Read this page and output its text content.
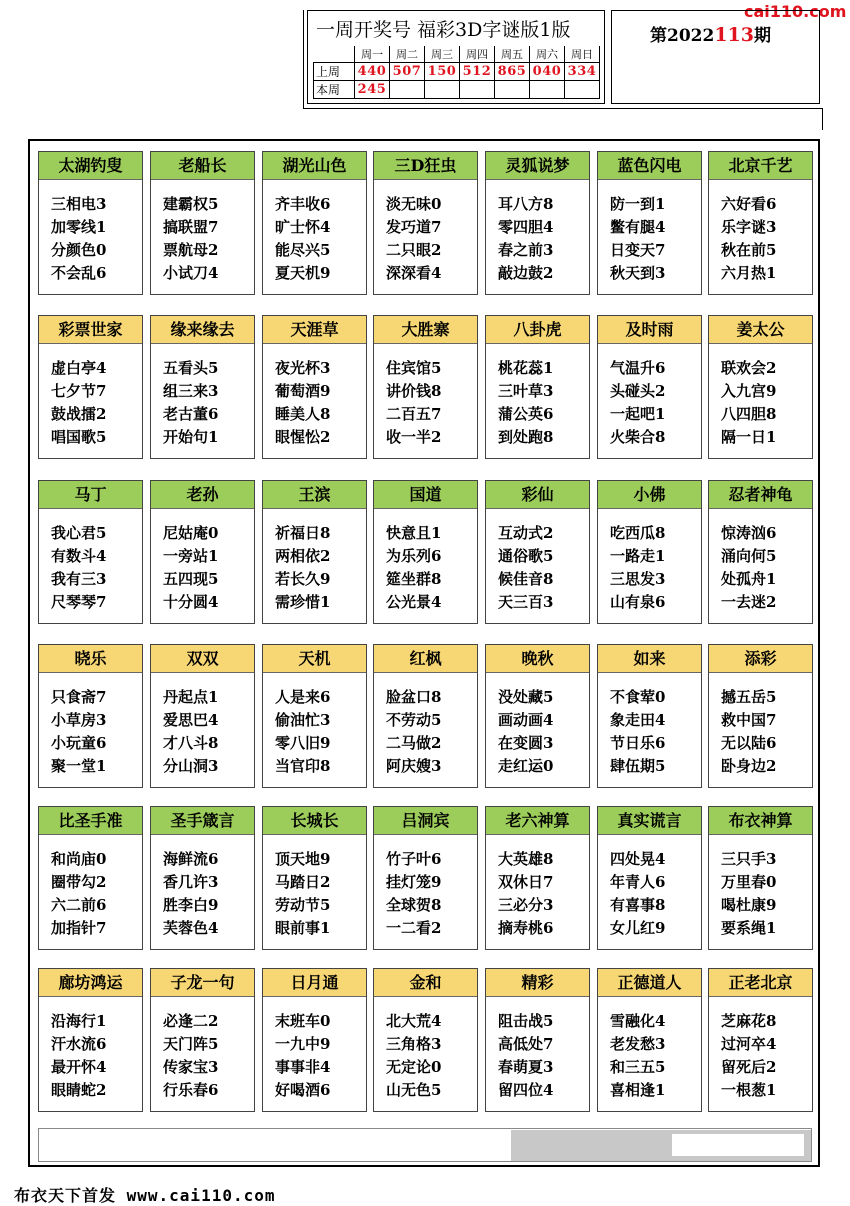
cai110.com
一周开奖号 福彩3D字谜版1版
	周一	周二	周三	周四	周五	周六	周日
上周	440	507	150	512	865	040	334
本周	245						
第2022113期
太湖钓叟
三相电3
加零线1
分颜色0
不会乱6
老船长
建霸权5
搞联盟7
票航母2
小试刀4
湖光山色
齐丰收6
旷士怀4
能尽兴5
夏天机9
三D狂虫
淡无味0
发巧道7
二只眼2
深深看4
灵狐说梦
耳八方8
零四胆4
春之前3
敲边鼓2
蓝色闪电
防一到1
鳖有腿4
日变天7
秋天到3
北京千艺
六好看6
乐字谜3
秋在前5
六月热1
彩票世家
虚白亭4
七夕节7
鼓战擂2
唱国歌5
缘来缘去
五看头5
组三来3
老古董6
开始句1
天涯草
夜光杯3
葡萄酒9
睡美人8
眼惺忪2
大胜寨
住宾馆5
讲价钱8
二百五7
收一半2
八卦虎
桃花蕊1
三叶草3
蒲公英6
到处跑8
及时雨
气温升6
头碰头2
一起吧1
火柴合8
姜太公
联欢会2
入九宫9
八四胆8
隔一日1
马丁
我心君5
有数斗4
我有三3
尺琴琴7
老孙
尼姑庵0
一旁站1
五四现5
十分圆4
王滨
祈福日8
两相依2
若长久9
需珍惜1
国道
快意且1
为乐列6
筵坐群8
公光景4
彩仙
互动式2
通俗歌5
候佳音8
天三百3
小佛
吃西瓜8
一路走1
三思发3
山有泉6
忍者神龟
惊涛汹6
涌向何5
处孤舟1
一去迷2
晓乐
只食斋7
小草房3
小玩童6
聚一堂1
双双
丹起点1
爱思巴4
才八斗8
分山洞3
天机
人是来6
偷油忙3
零八旧9
当官印8
红枫
脸盆口8
不劳动5
二马做2
阿庆嫂3
晚秋
没处藏5
画动画4
在变圆3
走红运0
如来
不食荤0
象走田4
节日乐6
肆伍期5
添彩
撼五岳5
救中国7
无以陆6
卧身边2
比圣手准
和尚庙0
圈带勾2
六二前6
加指针7
圣手箴言
海鲜流6
香几许3
胜李白9
芙蓉色4
长城长
顶天地9
马踏日2
劳动节5
眼前事1
吕洞宾
竹子叶6
挂灯笼9
全球贺8
一二看2
老六神算
大英雄8
双休日7
三必分3
摘寿桃6
真实谎言
四处晃4
年青人6
有喜事8
女儿红9
布衣神算
三只手3
万里春0
喝杜康9
要系绳1
廊坊鸿运
沿海行1
汗水流6
最开怀4
眼睛蛇2
子龙一句
必逢二2
天门阵5
传家宝3
行乐春6
日月通
末班车0
一九中9
事事非4
好喝酒6
金和
北大荒4
三角格3
无定论0
山无色5
精彩
阻击战5
高低处7
春萌夏3
留四位4
正德道人
雪融化4
老发愁3
和三五5
喜相逢1
正老北京
芝麻花8
过河卒4
留死后2
一根葱1
布衣天下首发 www.cai110.com
